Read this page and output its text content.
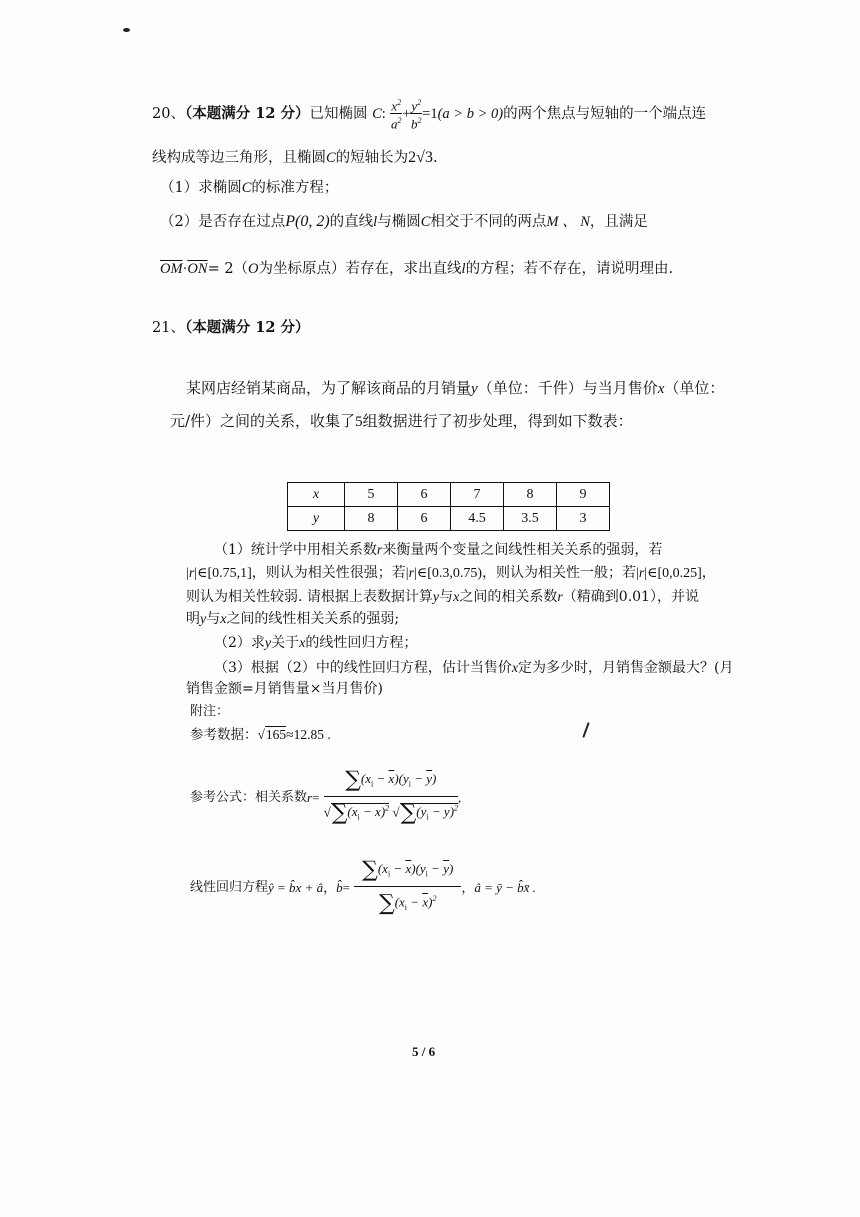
20、（本题满分 12 分）已知椭圆 C: $\frac{x^2}{a^2} + \frac{y^2}{b^2} =1(a > b > 0)$的两个焦点与短轴的一个端点连
线构成等边三角形，且椭圆C的短轴长为2√3.
（1）求椭圆C的标准方程；
（2）是否存在过点P(0, 2)的直线l与椭圆C相交于不同的两点M 、 N，且满足
$\overline{OM}\cdot\overline{ON}= 2(O$为坐标原点）若存在，求出直线l的方程；若不存在，请说明理由.
21、（本题满分 12 分）
某网店经销某商品，为了解该商品的月销量y（单位：千件）与当月售价x（单位：
元/件）之间的关系，收集了5组数据进行了初步处理，得到如下数表：
x	5	6	7	8	9
y	8	6	4.5	3.5	3
（1）统计学中用相关系数r来衡量两个变量之间线性相关关系的强弱，若
|r|∈[0.75,1]，则认为相关性很强；若|r|∈[0.3,0.75)，则认为相关性一般；若|r|∈[0,0.25]，
则认为相关性较弱. 请根据上表数据计算y与x之间的相关系数r（精确到0.01），并说
明y与x之间的线性相关关系的强弱;
（2）求y关于x的线性回归方程；
（3）根据（2）中的线性回归方程，估计当售价x定为多少时，月销售金额最大？(月
销售金额=月销售量×当月售价)
附注：
参考数据：√165≈12.85 .
参考公式：相关系数$r= \frac{\sum(x_i - \overline{x})(y_i - \overline{y})}{√\sum(x_i - \overline{x})^2 √\sum(y_i - \overline{y})^2}$ ,
线性回归方程ŷ = b̂x + â，b̂= $\frac{\sum(x_i - \overline{x})(y_i - \overline{y})}{\sum(x_i - \overline{x})^2}$ ，â = ȳ − b̂x̄ .
5 / 6
